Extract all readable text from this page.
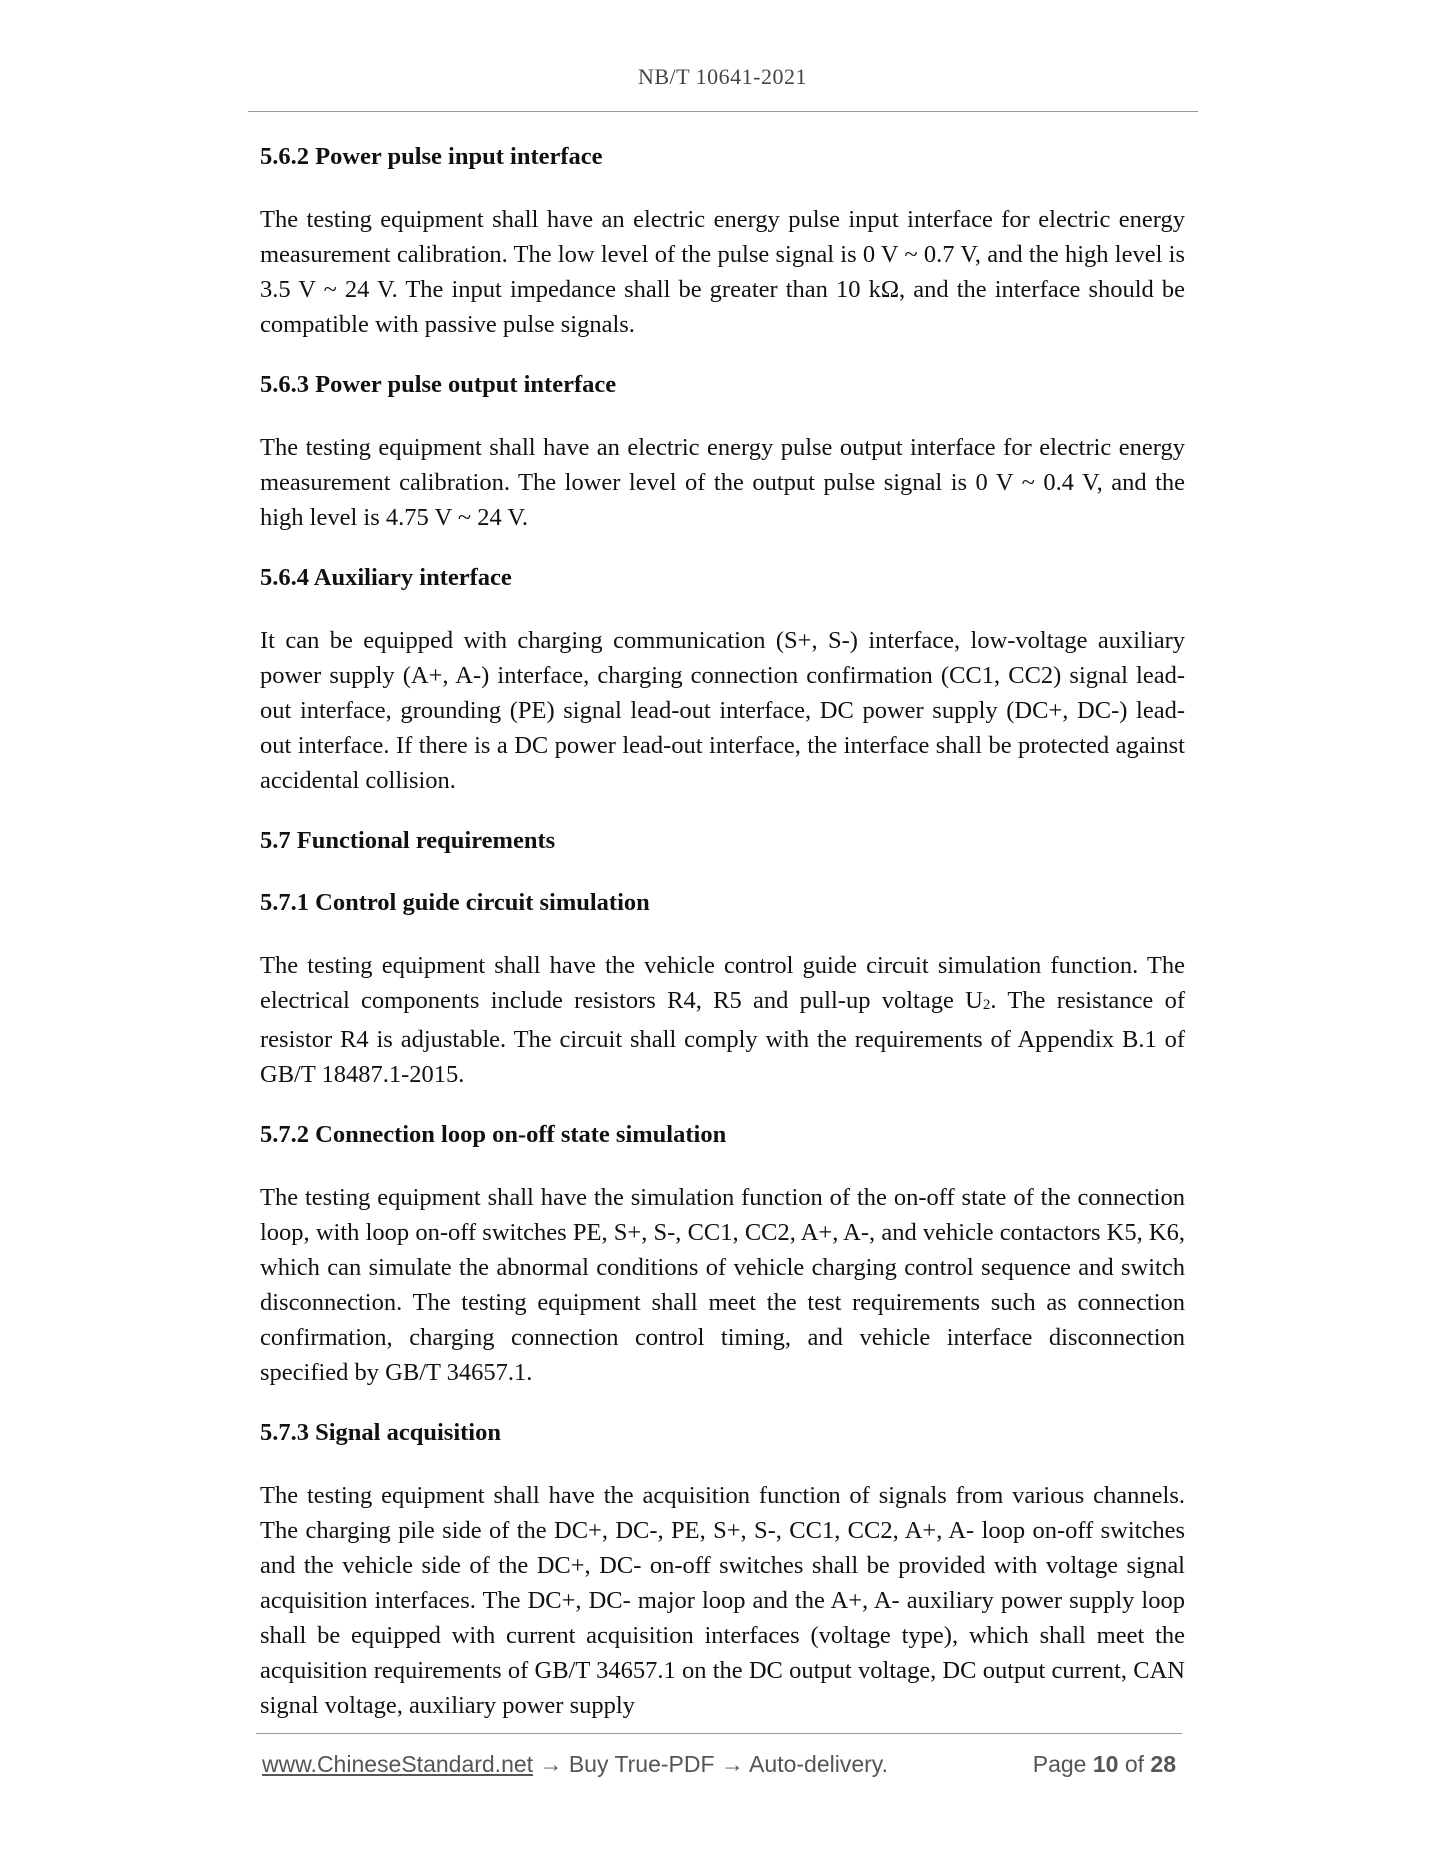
NB/T 10641-2021
5.6.2 Power pulse input interface

The testing equipment shall have an electric energy pulse input interface for electric energy measurement calibration. The low level of the pulse signal is 0 V ~ 0.7 V, and the high level is 3.5 V ~ 24 V. The input impedance shall be greater than 10 kΩ, and the interface should be compatible with passive pulse signals.

5.6.3 Power pulse output interface

The testing equipment shall have an electric energy pulse output interface for electric energy measurement calibration. The lower level of the output pulse signal is 0 V ~ 0.4 V, and the high level is 4.75 V ~ 24 V.

5.6.4 Auxiliary interface

It can be equipped with charging communication (S+, S-) interface, low-voltage auxiliary power supply (A+, A-) interface, charging connection confirmation (CC1, CC2) signal lead-out interface, grounding (PE) signal lead-out interface, DC power supply (DC+, DC-) lead-out interface. If there is a DC power lead-out interface, the interface shall be protected against accidental collision.

5.7 Functional requirements
5.7.1 Control guide circuit simulation

The testing equipment shall have the vehicle control guide circuit simulation function. The electrical components include resistors R4, R5 and pull-up voltage $U_2$. The resistance of resistor R4 is adjustable. The circuit shall comply with the requirements of Appendix B.1 of GB/T 18487.1-2015.

5.7.2 Connection loop on-off state simulation

The testing equipment shall have the simulation function of the on-off state of the connection loop, with loop on-off switches PE, S+, S-, CC1, CC2, A+, A-, and vehicle contactors K5, K6, which can simulate the abnormal conditions of vehicle charging control sequence and switch disconnection. The testing equipment shall meet the test requirements such as connection confirmation, charging connection control timing, and vehicle interface disconnection specified by GB/T 34657.1.

5.7.3 Signal acquisition

The testing equipment shall have the acquisition function of signals from various channels. The charging pile side of the DC+, DC-, PE, S+, S-, CC1, CC2, A+, A- loop on-off switches and the vehicle side of the DC+, DC- on-off switches shall be provided with voltage signal acquisition interfaces. The DC+, DC- major loop and the A+, A- auxiliary power supply loop shall be equipped with current acquisition interfaces (voltage type), which shall meet the acquisition requirements of GB/T 34657.1 on the DC output voltage, DC output current, CAN signal voltage, auxiliary power supply

www.ChineseStandard.net → Buy True-PDF → Auto-delivery.	Page 10 of 28
